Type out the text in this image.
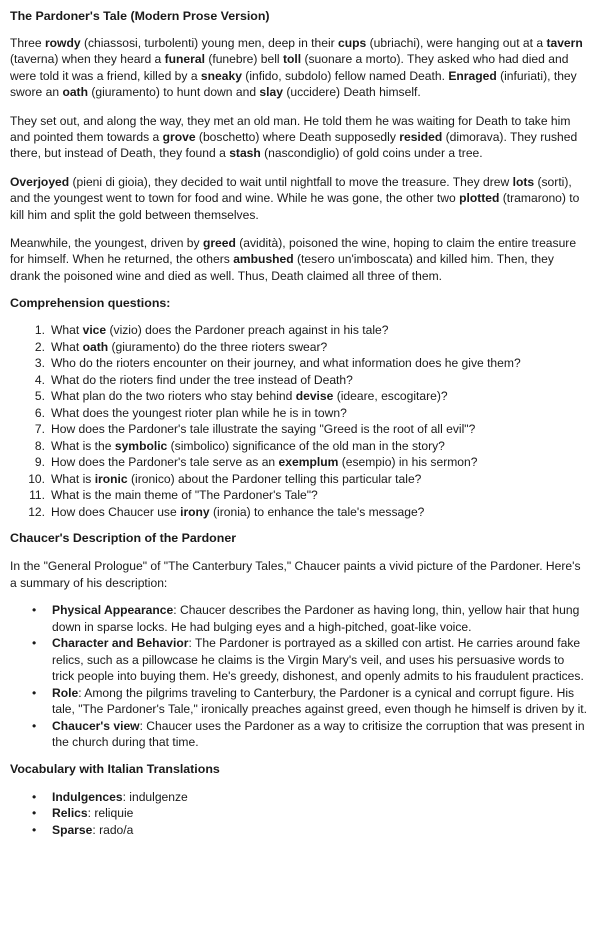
The Pardoner's Tale (Modern Prose Version)
Three rowdy (chiassosi, turbolenti) young men, deep in their cups (ubriachi), were hanging out at a tavern
(taverna) when they heard a funeral (funebre) bell toll (suonare a morto). They asked who had died and
were told it was a friend, killed by a sneaky (infido, subdolo) fellow named Death. Enraged (infuriati), they
swore an oath (giuramento) to hunt down and slay (uccidere) Death himself.
They set out, and along the way, they met an old man. He told them he was waiting for Death to take him
and pointed them towards a grove (boschetto) where Death supposedly resided (dimorava). They rushed
there, but instead of Death, they found a stash (nascondiglio) of gold coins under a tree.
Overjoyed (pieni di gioia), they decided to wait until nightfall to move the treasure. They drew lots (sorti),
and the youngest went to town for food and wine. While he was gone, the other two plotted (tramarono) to
kill him and split the gold between themselves.
Meanwhile, the youngest, driven by greed (avidità), poisoned the wine, hoping to claim the entire treasure
for himself. When he returned, the others ambushed (tesero un'imboscata) and killed him. Then, they
drank the poisoned wine and died as well. Thus, Death claimed all three of them.
Comprehension questions:
1. What vice (vizio) does the Pardoner preach against in his tale?
2. What oath (giuramento) do the three rioters swear?
3. Who do the rioters encounter on their journey, and what information does he give them?
4. What do the rioters find under the tree instead of Death?
5. What plan do the two rioters who stay behind devise (ideare, escogitare)?
6. What does the youngest rioter plan while he is in town?
7. How does the Pardoner's tale illustrate the saying "Greed is the root of all evil"?
8. What is the symbolic (simbolico) significance of the old man in the story?
9. How does the Pardoner's tale serve as an exemplum (esempio) in his sermon?
10. What is ironic (ironico) about the Pardoner telling this particular tale?
11. What is the main theme of "The Pardoner's Tale"?
12. How does Chaucer use irony (ironia) to enhance the tale's message?
Chaucer's Description of the Pardoner
In the "General Prologue" of "The Canterbury Tales," Chaucer paints a vivid picture of the Pardoner. Here's
a summary of his description:
• Physical Appearance: Chaucer describes the Pardoner as having long, thin, yellow hair that hung
down in sparse locks. He had bulging eyes and a high-pitched, goat-like voice.
• Character and Behavior: The Pardoner is portrayed as a skilled con artist. He carries around fake
relics, such as a pillowcase he claims is the Virgin Mary's veil, and uses his persuasive words to
trick people into buying them. He's greedy, dishonest, and openly admits to his fraudulent practices.
• Role: Among the pilgrims traveling to Canterbury, the Pardoner is a cynical and corrupt figure. His
tale, "The Pardoner's Tale," ironically preaches against greed, even though he himself is driven by it.
• Chaucer's view: Chaucer uses the Pardoner as a way to critisize the corruption that was present in
the church during that time.
Vocabulary with Italian Translations
• Indulgences: indulgenze
• Relics: reliquie
• Sparse: rado/a
